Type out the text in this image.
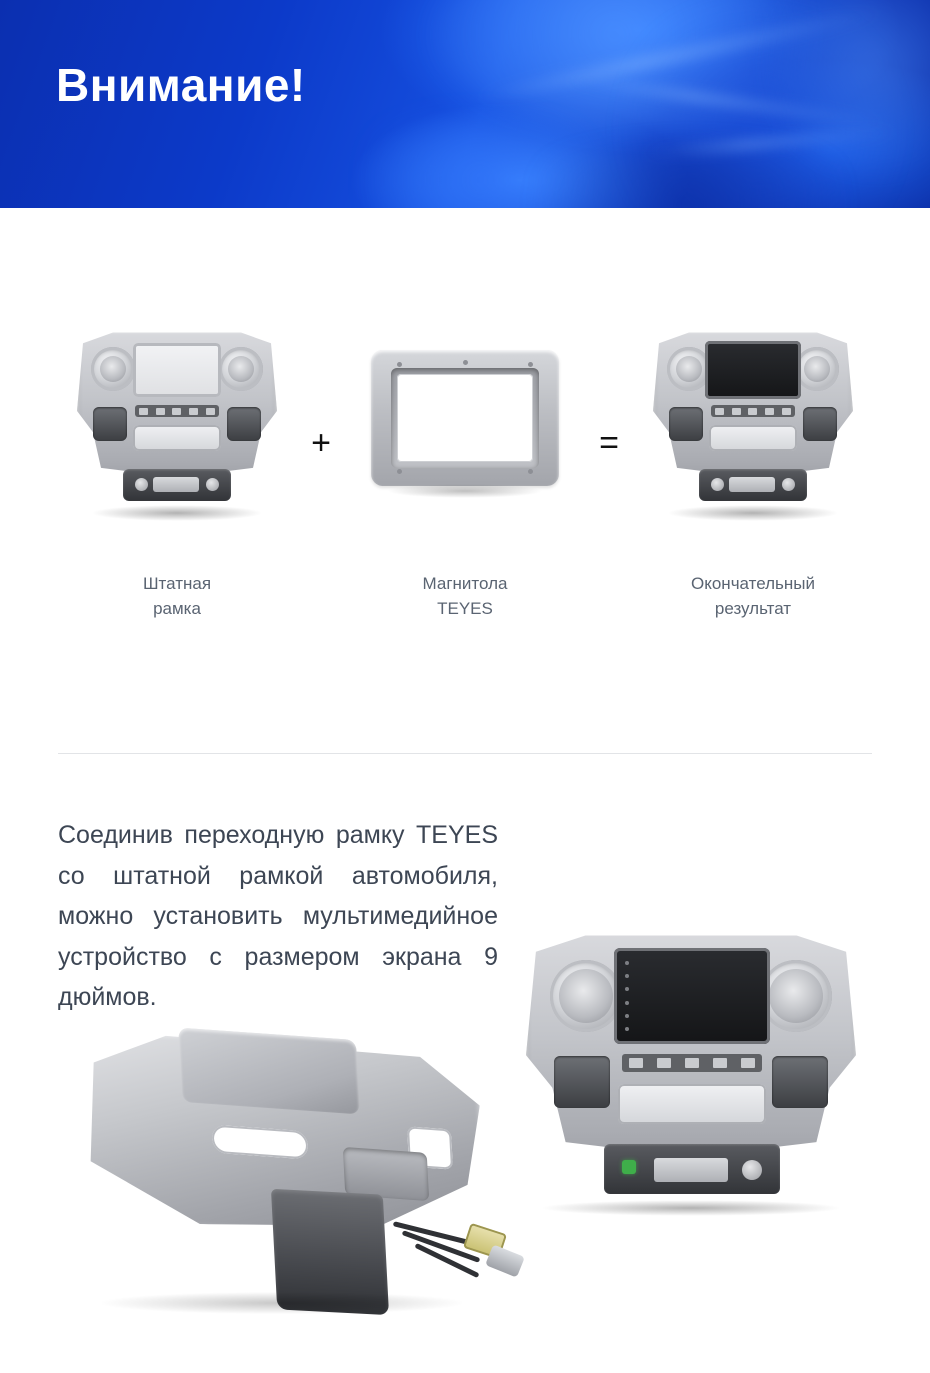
Внимание!
Штатная
рамка
+
Магнитола
TEYES
=
Окончательный
результат

Соединив переходную рамку TEYES со штатной рамкой автомобиля, можно установить мультимедийное устройство с размером экрана 9 дюймов.
